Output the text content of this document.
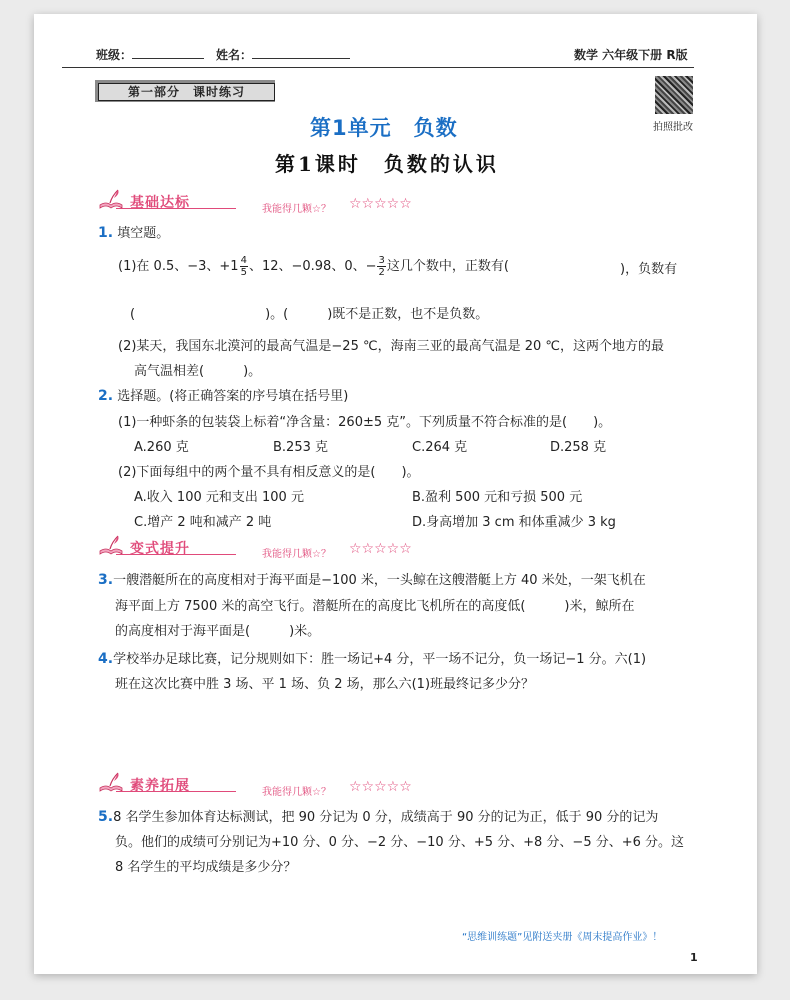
班级：	姓名：	数学 六年级下册 R版
第一部分　课时练习
拍照批改
第1单元　负数
第1课时　负数的认识
基础达标	我能得几颗☆？ ☆☆☆☆☆
1. 填空题。
(1)在 0.5、−3、$+1 \frac{4}{5}$ 、12、−0.98、0、− $\frac{3}{2}$ 这几个数中，正数有(	)，负数有
(　　　　　　　　　　)。(　　　)既不是正数，也不是负数。
(2)某天，我国东北漠河的最高气温是−25 ℃，海南三亚的最高气温是 20 ℃，这两个地方的最
高气温相差(　　　)。
2. 选择题。(将正确答案的序号填在括号里)
(1)一种虾条的包装袋上标着“净含量：260±5 克”。下列质量不符合标准的是(　　)。
A.260 克	B.253 克	C.264 克	D.258 克
(2)下面每组中的两个量不具有相反意义的是(　　)。
A.收入 100 元和支出 100 元	B.盈利 500 元和亏损 500 元
C.增产 2 吨和减产 2 吨	D.身高增加 3 cm 和体重减少 3 kg
变式提升	我能得几颗☆？ ☆☆☆☆☆
3.一艘潜艇所在的高度相对于海平面是−100 米，一头鲸在这艘潜艇上方 40 米处，一架飞机在
海平面上方 7500 米的高空飞行。潜艇所在的高度比飞机所在的高度低(　　　)米，鲸所在
的高度相对于海平面是(　　　)米。
4.学校举办足球比赛，记分规则如下：胜一场记+4 分，平一场不记分，负一场记−1 分。六(1)
班在这次比赛中胜 3 场、平 1 场、负 2 场，那么六(1)班最终记多少分？
素养拓展	我能得几颗☆？ ☆☆☆☆☆
5.8 名学生参加体育达标测试，把 90 分记为 0 分，成绩高于 90 分的记为正，低于 90 分的记为
负。他们的成绩可分别记为+10 分、0 分、−2 分、−10 分、+5 分、+8 分、−5 分、+6 分。这
8 名学生的平均成绩是多少分？
“思维训练题”见附送夹册《周末提高作业》！
1
